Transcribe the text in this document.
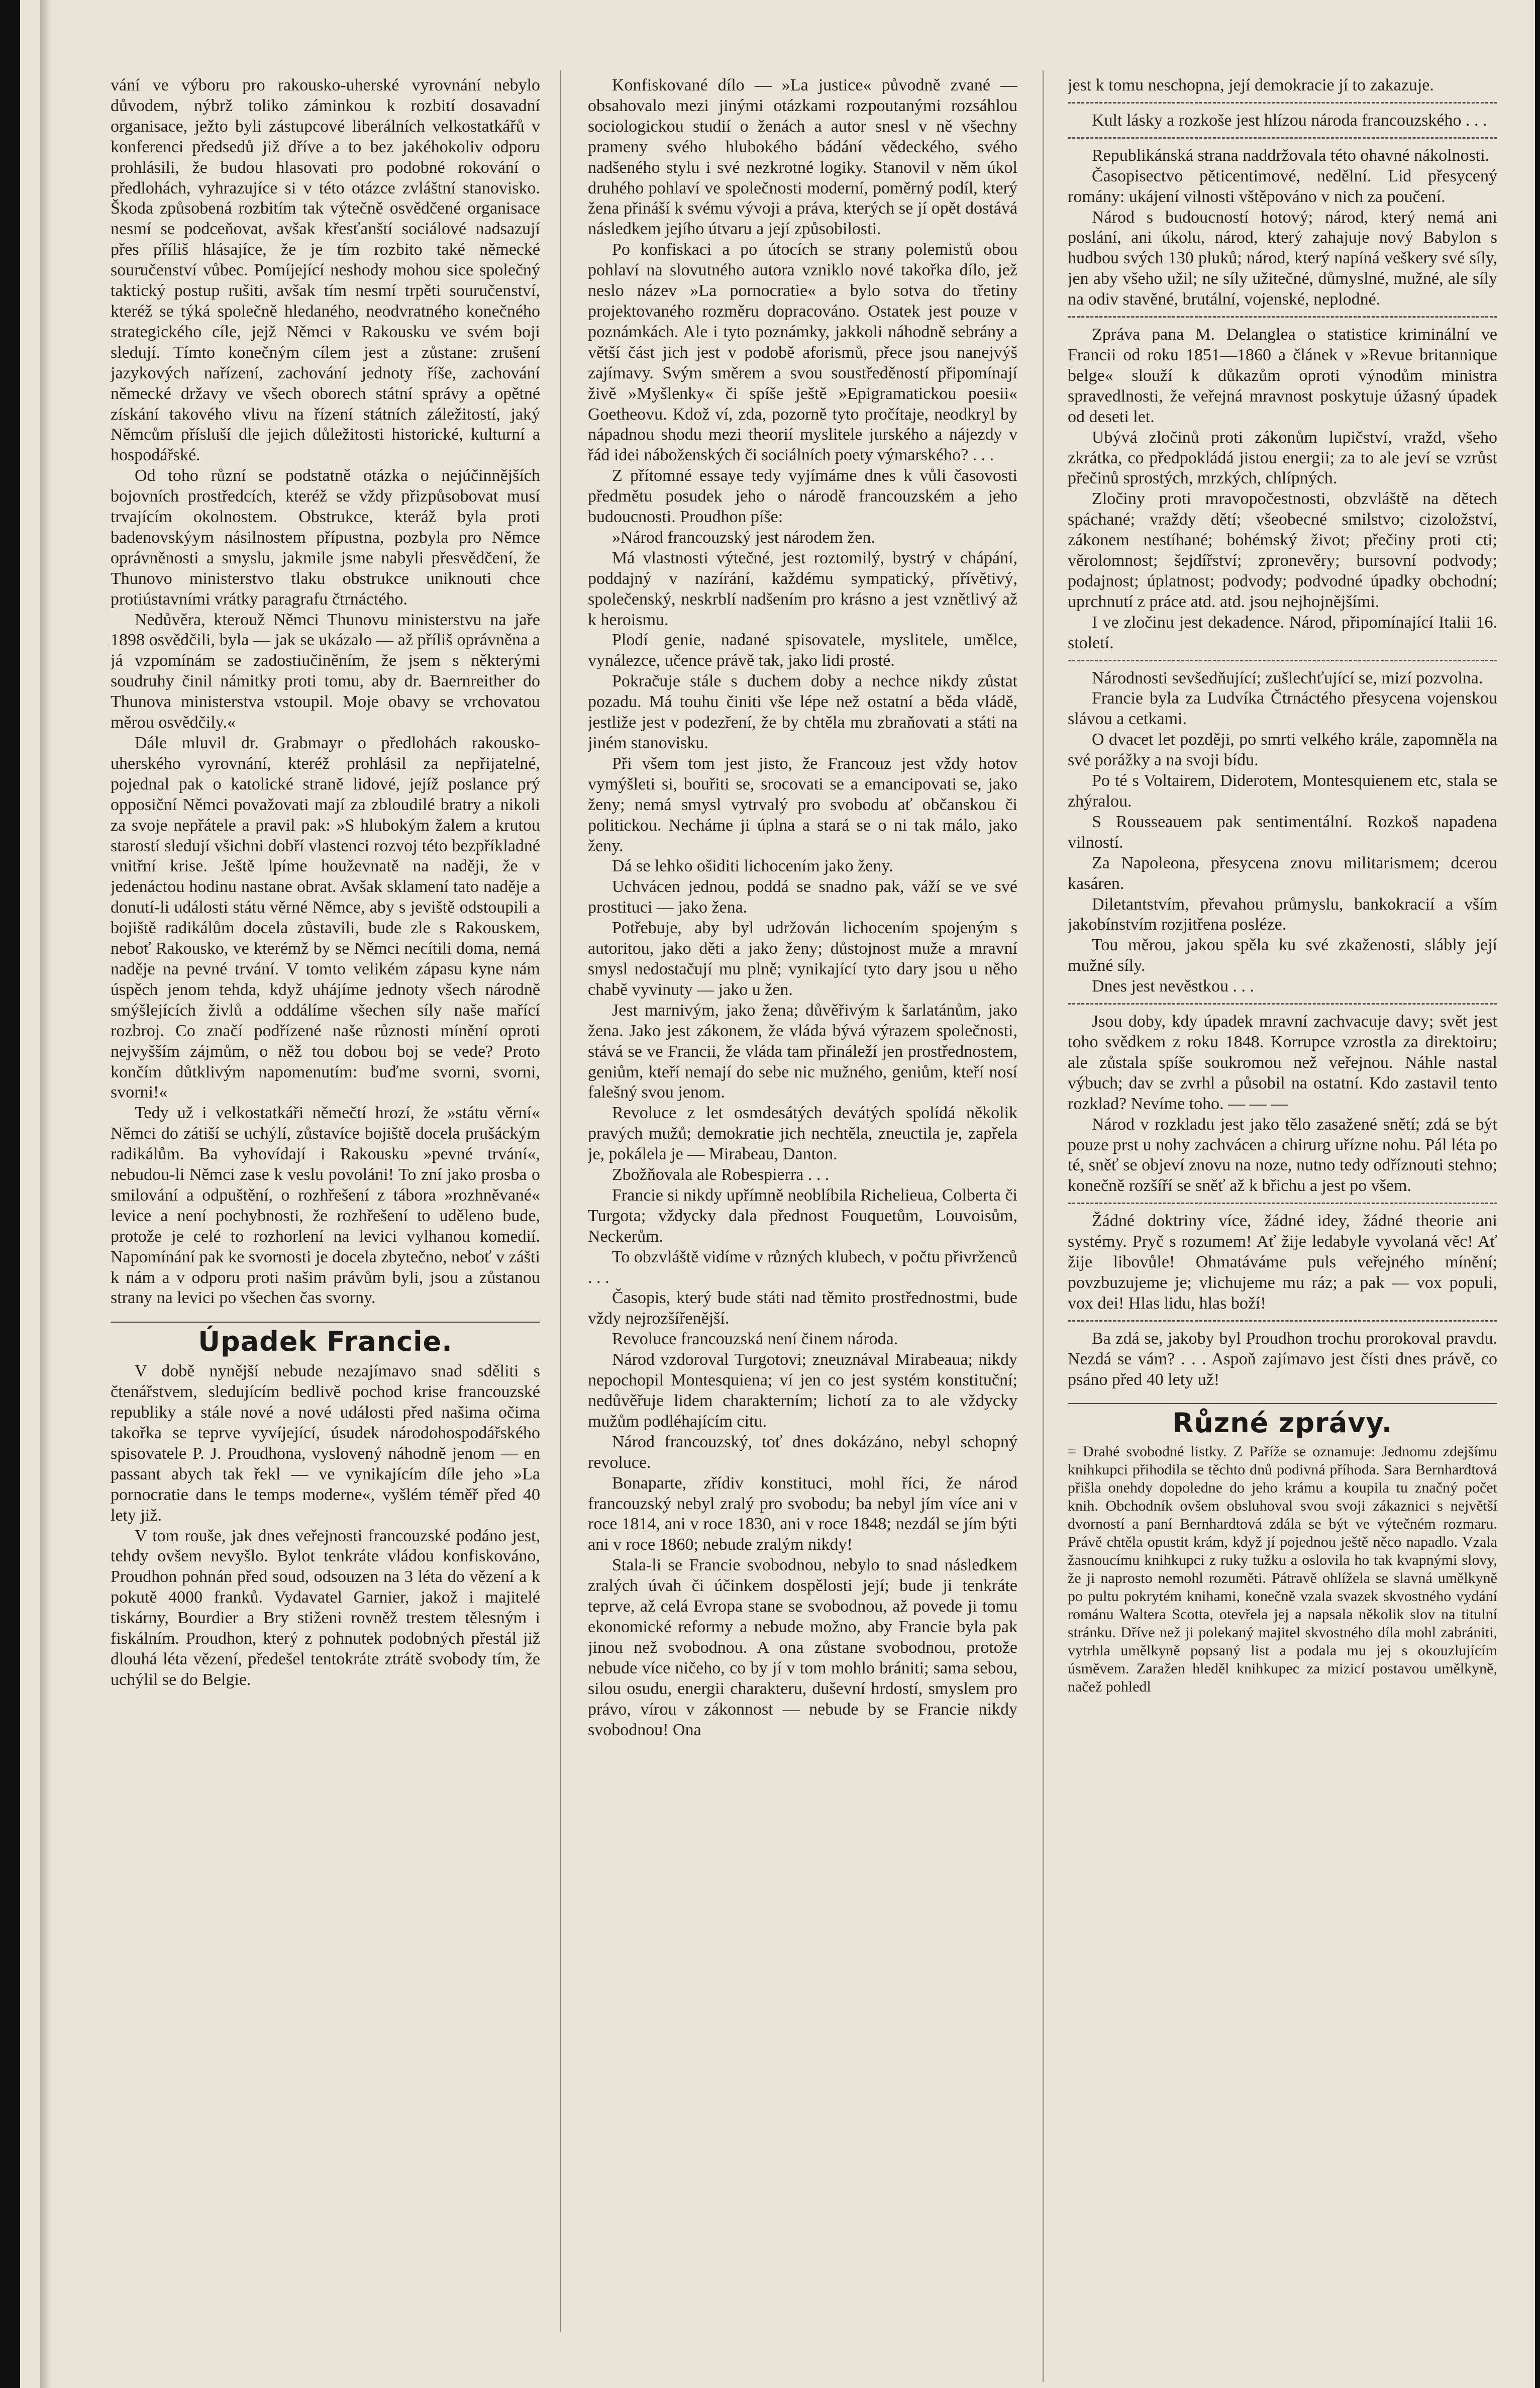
vání ve výboru pro rakousko-uherské vyrovnání nebylo důvodem, nýbrž toliko záminkou k rozbití dosavadní organisace, ježto byli zástupcové liberálních velkostatkářů v konferenci předsedů již dříve a to bez jakéhokoliv odporu prohlásili, že budou hlasovati pro podobné rokování o předlohách, vyhrazujíce si v této otázce zvláštní stanovisko. Škoda způsobená rozbitím tak výtečně osvědčené organisace nesmí se podceňovat, avšak křesťanští sociálové nadsazují přes příliš hlásajíce, že je tím rozbito také německé souručenství vůbec. Pomíjející neshody mohou sice společný taktický postup rušiti, avšak tím nesmí trpěti souručenství, kteréž se týká společně hledaného, neodvratného konečného strategického cíle, jejž Němci v Rakousku ve svém boji sledují. Tímto konečným cílem jest a zůstane: zrušení jazykových nařízení, zachování jednoty říše, zachování německé državy ve všech oborech státní správy a opětné získání takového vlivu na řízení státních záležitostí, jaký Němcům přísluší dle jejich důležitosti historické, kulturní a hospodářské.

Od toho různí se podstatně otázka o nejúčinnějších bojovních prostředcích, kteréž se vždy přizpůsobovat musí trvajícím okolnostem. Obstrukce, kteráž byla proti badenovskýym násilnostem přípustna, pozbyla pro Němce oprávněnosti a smyslu, jakmile jsme nabyli přesvědčení, že Thunovo ministerstvo tlaku obstrukce uniknouti chce protiústavními vrátky paragrafu čtrnáctého.

Nedůvěra, kterouž Němci Thunovu ministerstvu na jaře 1898 osvědčili, byla — jak se ukázalo — až příliš oprávněna a já vzpomínám se zadostiučiněním, že jsem s některými soudruhy činil námitky proti tomu, aby dr. Baernreither do Thunova ministerstva vstoupil. Moje obavy se vrchovatou měrou osvědčily.«

Dále mluvil dr. Grabmayr o předlohách rakousko-uherského vyrovnání, kteréž prohlásil za nepřijatelné, pojednal pak o katolické straně lidové, jejíž poslance prý opposiční Němci považovati mají za zbloudilé bratry a nikoli za svoje nepřátele a pravil pak: »S hlubokým žalem a krutou starostí sledují všichni dobří vlastenci rozvoj této bezpříkladné vnitřní krise. Ještě lpíme houževnatě na naději, že v jedenáctou hodinu nastane obrat. Avšak sklamení tato naděje a donutí-li události státu věrné Němce, aby s jeviště odstoupili a bojiště radikálům docela zůstavili, bude zle s Rakouskem, neboť Rakousko, ve kterémž by se Němci necítili doma, nemá naděje na pevné trvání. V tomto velikém zápasu kyne nám úspěch jenom tehda, když uhájíme jednoty všech národně smýšlejících živlů a oddálíme všechen síly naše mařící rozbroj. Co značí podřízené naše různosti mínění oproti nejvyšším zájmům, o něž tou dobou boj se vede? Proto končím důtklivým napomenutím: buďme svorni, svorni, svorni!«

Tedy už i velkostatkáři němečtí hrozí, že »státu věrní« Němci do zátiší se uchýlí, zůstavíce bojiště docela prušáckým radikálům. Ba vyhovídají i Rakousku »pevné trvání«, nebudou-li Němci zase k veslu povoláni! To zní jako prosba o smilování a odpuštění, o rozhřešení z tábora »rozhněvané« levice a není pochybnosti, že rozhřešení to uděleno bude, protože je celé to rozhorlení na levici vylhanou komedií. Napomínání pak ke svornosti je docela zbytečno, neboť v zášti k nám a v odporu proti našim právům byli, jsou a zůstanou strany na levici po všechen čas svorny.

Úpadek Francie.

V době nynější nebude nezajímavo snad sděliti s čtenářstvem, sledujícím bedlivě pochod krise francouzské republiky a stále nové a nové události před našima očima takořka se teprve vyvíjející, úsudek národohospodářského spisovatele P. J. Proudhona, vyslovený náhodně jenom — en passant abych tak řekl — ve vynikajícím díle jeho »La pornocratie dans le temps moderne«, vyšlém téměř před 40 lety již.

V tom rouše, jak dnes veřejnosti francouzské podáno jest, tehdy ovšem nevyšlo. Bylot tenkráte vládou konfiskováno, Proudhon pohnán před soud, odsouzen na 3 léta do vězení a k pokutě 4000 franků. Vydavatel Garnier, jakož i majitelé tiskárny, Bourdier a Bry stiženi rovněž trestem tělesným i fiskálním. Proudhon, který z pohnutek podobných přestál již dlouhá léta vězení, předešel tentokráte ztrátě svobody tím, že uchýlil se do Belgie.

Konfiskované dílo — »La justice« původně zvané — obsahovalo mezi jinými otázkami rozpoutanými rozsáhlou sociologickou studií o ženách a autor snesl v ně všechny prameny svého hlubokého bádání vědeckého, svého nadšeného stylu i své nezkrotné logiky. Stanovil v něm úkol druhého pohlaví ve společnosti moderní, poměrný podíl, který žena přináší k svému vývoji a práva, kterých se jí opět dostává následkem jejího útvaru a její způsobilosti.

Po konfiskaci a po útocích se strany polemistů obou pohlaví na slovutného autora vzniklo nové takořka dílo, jež neslo název »La pornocratie« a bylo sotva do třetiny projektovaného rozměru dopracováno. Ostatek jest pouze v poznámkách. Ale i tyto poznámky, jakkoli náhodně sebrány a větší část jich jest v podobě aforismů, přece jsou nanejvýš zajímavy. Svým směrem a svou soustředěností připomínají živě »Myšlenky« či spíše ještě »Epigramatickou poesii« Goetheovu. Kdož ví, zda, pozorně tyto pročítaje, neodkryl by nápadnou shodu mezi theorií myslitele jurského a nájezdy v řád idei náboženských či sociálních poety výmarského? . . .

Z přítomné essaye tedy vyjímáme dnes k vůli časovosti předmětu posudek jeho o národě francouzském a jeho budoucnosti. Proudhon píše:

»Národ francouzský jest národem žen.

Má vlastnosti výtečné, jest roztomilý, bystrý v chápání, poddajný v nazírání, každému sympatický, přívětivý, společenský, neskrblí nadšením pro krásno a jest vznětlivý až k heroismu.

Plodí genie, nadané spisovatele, myslitele, umělce, vynálezce, učence právě tak, jako lidi prosté.

Pokračuje stále s duchem doby a nechce nikdy zůstat pozadu. Má touhu činiti vše lépe než ostatní a běda vládě, jestliže jest v podezření, že by chtěla mu zbraňovati a státi na jiném stanovisku.

Při všem tom jest jisto, že Francouz jest vždy hotov vymýšleti si, bouřiti se, srocovati se a emancipovati se, jako ženy; nemá smysl vytrvalý pro svobodu ať občanskou či politickou. Necháme ji úplna a stará se o ni tak málo, jako ženy.

Dá se lehko ošiditi lichocením jako ženy.

Uchvácen jednou, poddá se snadno pak, váží se ve své prostituci — jako žena.

Potřebuje, aby byl udržován lichocením spojeným s autoritou, jako děti a jako ženy; důstojnost muže a mravní smysl nedostačují mu plně; vynikající tyto dary jsou u něho chabě vyvinuty — jako u žen.

Jest marnivým, jako žena; důvěřivým k šarlatánům, jako žena. Jako jest zákonem, že vláda bývá výrazem společnosti, stává se ve Francii, že vláda tam přináleží jen prostřednostem, geniům, kteří nemají do sebe nic mužného, geniům, kteří nosí falešný svou jenom.

Revoluce z let osmdesátých devátých spolídá několik pravých mužů; demokratie jich nechtěla, zneuctila je, zapřela je, pokálela je — Mirabeau, Danton.

Zbožňovala ale Robespierra . . .

Francie si nikdy upřímně neoblíbila Richelieua, Colberta či Turgota; vždycky dala přednost Fouquetům, Louvoisům, Neckerům.

To obzvláště vidíme v různých klubech, v počtu přivrženců . . .

Časopis, který bude státi nad těmito prostřednostmi, bude vždy nejrozšířenější.

Revoluce francouzská není činem národa.

Národ vzdoroval Turgotovi; zneuznával Mirabeaua; nikdy nepochopil Montesquiena; ví jen co jest systém konstituční; nedůvěřuje lidem charakterním; lichotí za to ale vždycky mužům podléhajícím citu.

Národ francouzský, toť dnes dokázáno, nebyl schopný revoluce.

Bonaparte, zřídiv konstituci, mohl říci, že národ francouzský nebyl zralý pro svobodu; ba nebyl jím více ani v roce 1814, ani v roce 1830, ani v roce 1848; nezdál se jím býti ani v roce 1860; nebude zralým nikdy!

Stala-li se Francie svobodnou, nebylo to snad následkem zralých úvah či účinkem dospělosti její; bude ji tenkráte teprve, až celá Evropa stane se svobodnou, až povede ji tomu ekonomické reformy a nebude možno, aby Francie byla pak jinou než svobodnou. A ona zůstane svobodnou, protože nebude více ničeho, co by jí v tom mohlo brániti; sama sebou, silou osudu, energii charakteru, duševní hrdostí, smyslem pro právo, vírou v zákonnost — nebude by se Francie nikdy svobodnou! Ona

jest k tomu neschopna, její demokracie jí to zakazuje.

Kult lásky a rozkoše jest hlízou národa francouzského . . .

Republikánská strana naddržovala této ohavné nákolnosti.

Časopisectvo pěticentimové, nedělní. Lid přesycený romány: ukájení vilnosti vštěpováno v nich za poučení.

Národ s budoucností hotový; národ, který nemá ani poslání, ani úkolu, národ, který zahajuje nový Babylon s hudbou svých 130 pluků; národ, který napíná veškery své síly, jen aby všeho užil; ne síly užitečné, důmyslné, mužné, ale síly na odiv stavěné, brutální, vojenské, neplodné.

Zpráva pana M. Delanglea o statistice kriminální ve Francii od roku 1851—1860 a článek v »Revue britannique belge« slouží k důkazům oproti výnodům ministra spravedlnosti, že veřejná mravnost poskytuje úžasný úpadek od deseti let.

Ubývá zločinů proti zákonům lupičství, vražd, všeho zkrátka, co předpokládá jistou energii; za to ale jeví se vzrůst přečinů sprostých, mrzkých, chlípných.

Zločiny proti mravopočestnosti, obzvláště na dětech spáchané; vraždy dětí; všeobecné smilstvo; cizoložství, zákonem nestíhané; bohémský život; přečiny proti cti; věrolomnost; šejdířství; zpronevěry; bursovní podvody; podajnost; úplatnost; podvody; podvodné úpadky obchodní; uprchnutí z práce atd. atd. jsou nejhojnějšími.

I ve zločinu jest dekadence. Národ, připomínající Italii 16. století.

Národnosti sevšedňující; zušlechťující se, mizí pozvolna.

Francie byla za Ludvíka Čtrnáctého přesycena vojenskou slávou a cetkami.

O dvacet let později, po smrti velkého krále, zapomněla na své porážky a na svoji bídu.

Po té s Voltairem, Diderotem, Montesquienem etc, stala se zhýralou.

S Rousseauem pak sentimentální. Rozkoš napadena vilností.

Za Napoleona, přesycena znovu militarismem; dcerou kasáren.

Diletantstvím, převahou průmyslu, bankokracií a vším jakobínstvím rozjitřena posléze.

Tou měrou, jakou spěla ku své zkaženosti, slábly její mužné síly.

Dnes jest nevěstkou . . .

Jsou doby, kdy úpadek mravní zachvacuje davy; svět jest toho svědkem z roku 1848. Korrupce vzrostla za direktoiru; ale zůstala spíše soukromou než veřejnou. Náhle nastal výbuch; dav se zvrhl a působil na ostatní. Kdo zastavil tento rozklad? Nevíme toho. — — —

Národ v rozkladu jest jako tělo zasažené snětí; zdá se být pouze prst u nohy zachvácen a chirurg uřízne nohu. Pál léta po té, sněť se objeví znovu na noze, nutno tedy odříznouti stehno; konečně rozšíří se sněť až k břichu a jest po všem.

Žádné doktriny více, žádné idey, žádné theorie ani systémy. Pryč s rozumem! Ať žije ledabyle vyvolaná věc! Ať žije libovůle! Ohmatáváme puls veřejného mínění; povzbuzujeme je; vlichujeme mu ráz; a pak — vox populi, vox dei! Hlas lidu, hlas boží!

Ba zdá se, jakoby byl Proudhon trochu prorokoval pravdu. Nezdá se vám? . . . Aspoň zajímavo jest čísti dnes právě, co psáno před 40 lety už!

Různé zprávy.

= Drahé svobodné listky. Z Paříže se oznamuje: Jednomu zdejšímu knihkupci přihodila se těchto dnů podivná příhoda. Sara Bernhardtová přišla onehdy dopoledne do jeho krámu a koupila tu značný počet knih. Obchodník ovšem obsluhoval svou svoji zákaznici s největší dvorností a paní Bernhardtová zdála se být ve výtečném rozmaru. Právě chtěla opustit krám, když jí pojednou ještě něco napadlo. Vzala žasnoucímu knihkupci z ruky tužku a oslovila ho tak kvapnými slovy, že ji naprosto nemohl rozuměti. Pátravě ohlížela se slavná umělkyně po pultu pokrytém knihami, konečně vzala svazek skvostného vydání románu Waltera Scotta, otevřela jej a napsala několik slov na titulní stránku. Dříve než ji polekaný majitel skvostného díla mohl zabrániti, vytrhla umělkyně popsaný list a podala mu jej s okouzlujícím úsměvem. Zaražen hleděl knihkupec za mizicí postavou umělkyně, načež pohledl
